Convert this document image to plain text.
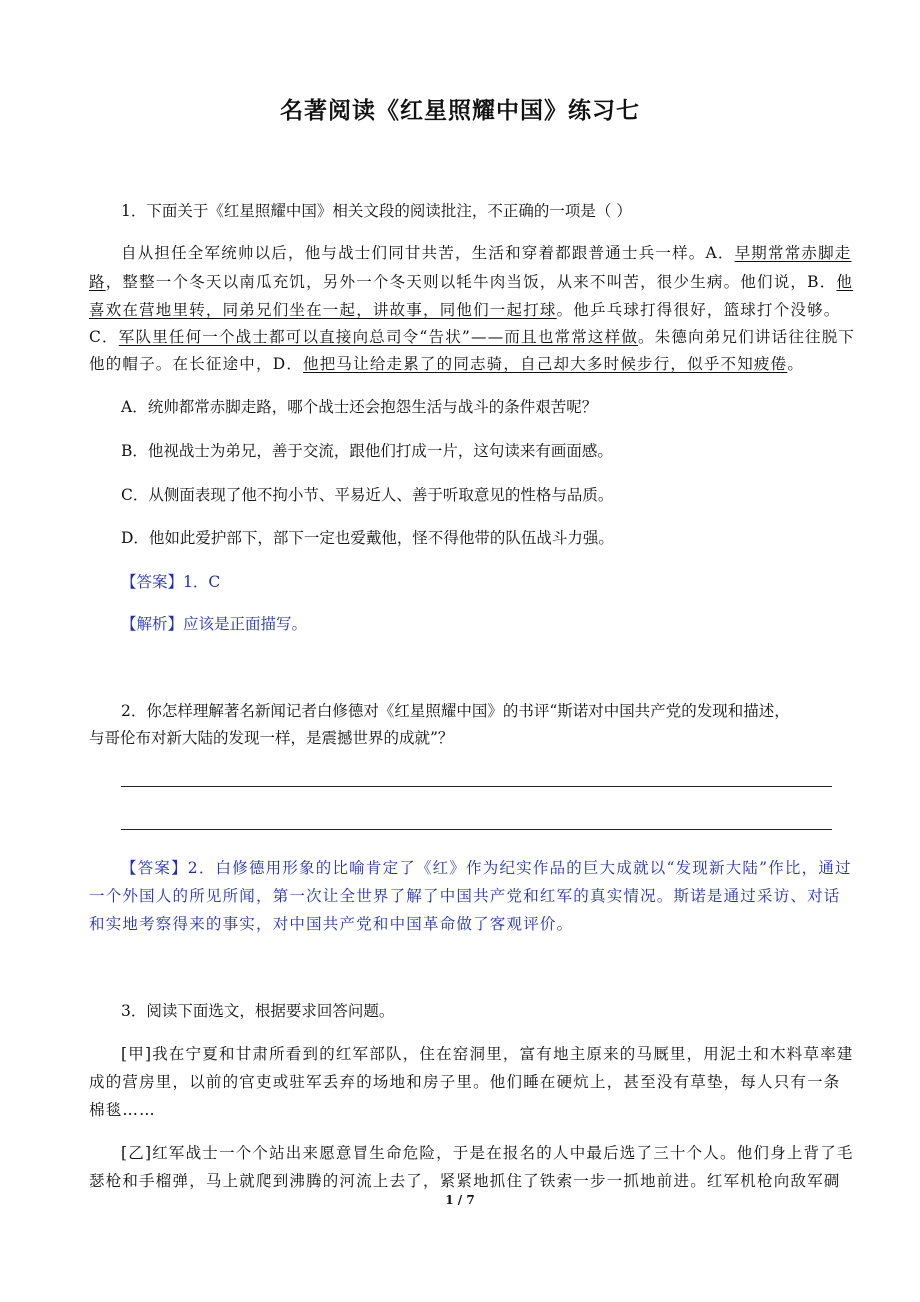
名著阅读《红星照耀中国》练习七
1．下面关于《红星照耀中国》相关文段的阅读批注，不正确的一项是（ ）
自从担任全军统帅以后，他与战士们同甘共苦，生活和穿着都跟普通士兵一样。A．早期常常赤脚走
路，整整一个冬天以南瓜充饥，另外一个冬天则以牦牛肉当饭，从来不叫苦，很少生病。他们说，B．他
喜欢在营地里转，同弟兄们坐在一起，讲故事，同他们一起打球。他乒乓球打得很好，篮球打个没够。
C．军队里任何一个战士都可以直接向总司令“告状”——而且也常常这样做。朱德向弟兄们讲话往往脱下
他的帽子。在长征途中，D．他把马让给走累了的同志骑，自己却大多时候步行，似乎不知疲倦。
A．统帅都常赤脚走路，哪个战士还会抱怨生活与战斗的条件艰苦呢？
B．他视战士为弟兄，善于交流，跟他们打成一片，这句读来有画面感。
C．从侧面表现了他不拘小节、平易近人、善于听取意见的性格与品质。
D．他如此爱护部下，部下一定也爱戴他，怪不得他带的队伍战斗力强。
【答案】1．C
【解析】应该是正面描写。
2．你怎样理解著名新闻记者白修德对《红星照耀中国》的书评“斯诺对中国共产党的发现和描述，
与哥伦布对新大陆的发现一样，是震撼世界的成就”？
【答案】2．白修德用形象的比喻肯定了《红》作为纪实作品的巨大成就以“发现新大陆”作比，通过
一个外国人的所见所闻，第一次让全世界了解了中国共产党和红军的真实情况。斯诺是通过采访、对话
和实地考察得来的事实，对中国共产党和中国革命做了客观评价。
3．阅读下面选文，根据要求回答问题。
[甲]我在宁夏和甘肃所看到的红军部队，住在窑洞里，富有地主原来的马厩里，用泥土和木料草率建
成的营房里，以前的官吏或驻军丢弃的场地和房子里。他们睡在硬炕上，甚至没有草垫，每人只有一条
棉毯……
[乙]红军战士一个个站出来愿意冒生命危险，于是在报名的人中最后选了三十个人。他们身上背了毛
瑟枪和手榴弹，马上就爬到沸腾的河流上去了，紧紧地抓住了铁索一步一抓地前进。红军机枪向敌军碉
1 / 7
